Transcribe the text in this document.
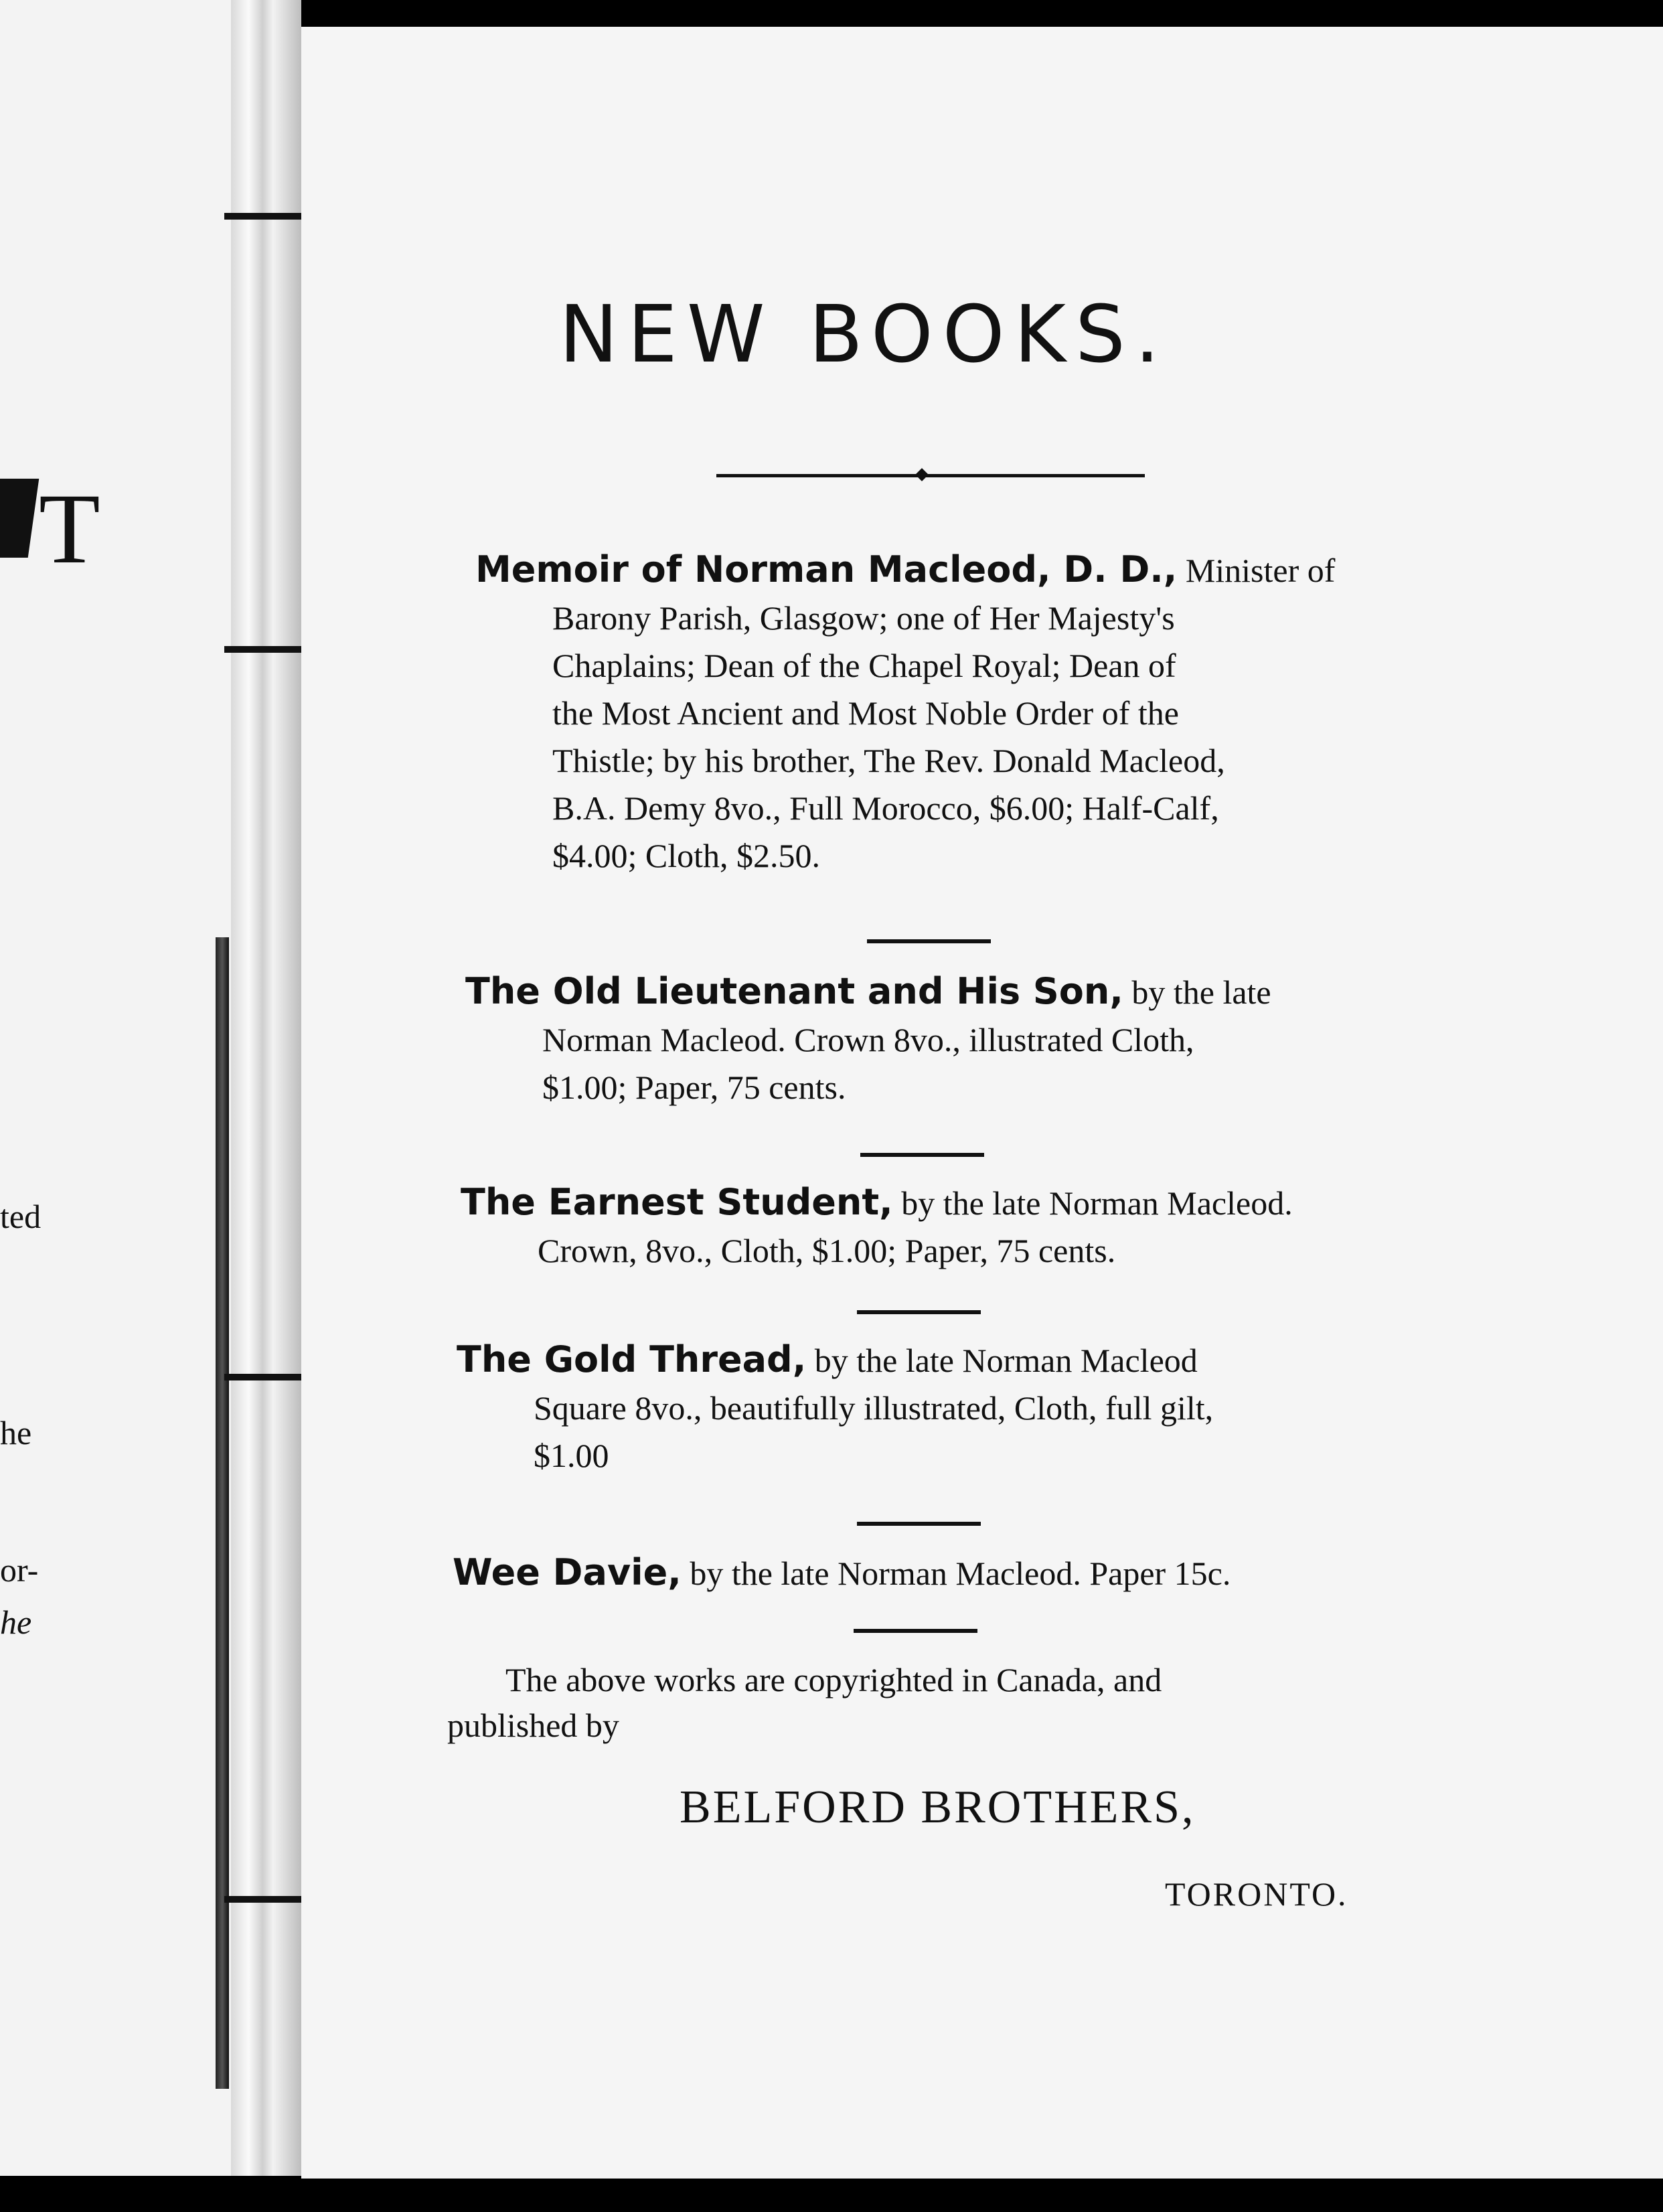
T
ted
he
or-
he
NEW BOOKS.
Memoir of Norman Macleod, D. D., Minister of
Barony Parish, Glasgow; one of Her Majesty's
Chaplains; Dean of the Chapel Royal; Dean of
the Most Ancient and Most Noble Order of the
Thistle; by his brother, The Rev. Donald Macleod,
B.A. Demy 8vo., Full Morocco, $6.00; Half-Calf,
$4.00; Cloth, $2.50.
The Old Lieutenant and His Son, by the late
Norman Macleod. Crown 8vo., illustrated Cloth,
$1.00; Paper, 75 cents.
The Earnest Student, by the late Norman Macleod.
Crown, 8vo., Cloth, $1.00; Paper, 75 cents.
The Gold Thread, by the late Norman Macleod
Square 8vo., beautifully illustrated, Cloth, full gilt,
$1.00
Wee Davie, by the late Norman Macleod. Paper 15c.
The above works are copyrighted in Canada, and
published by
BELFORD BROTHERS,
TORONTO.
